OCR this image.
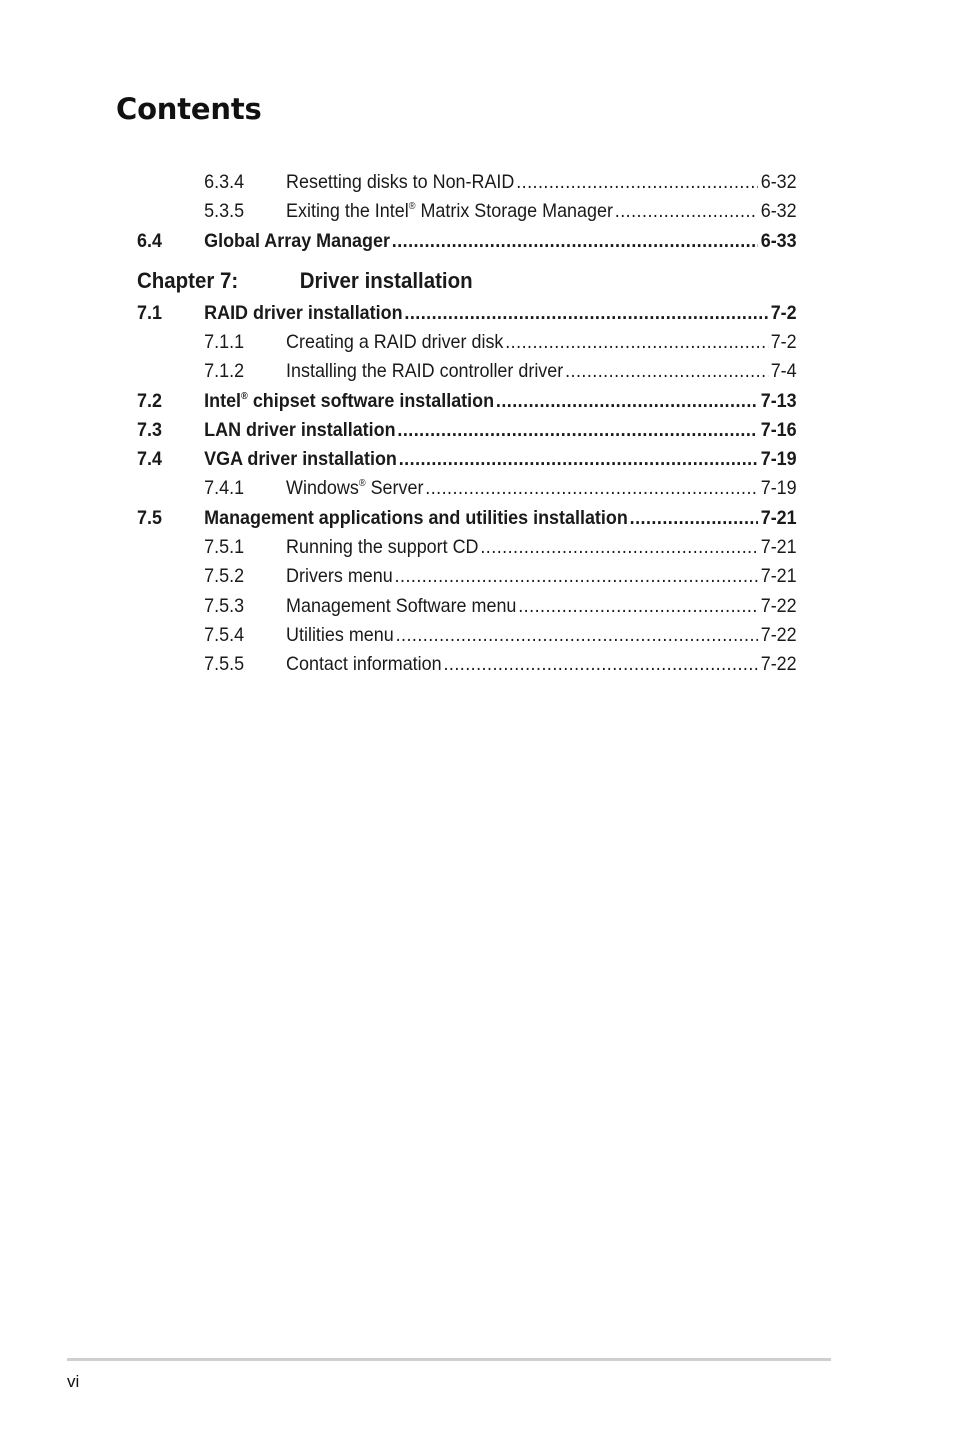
Contents
6.3.4 Resetting disks to Non-RAID .....	6-32
5.3.5 Exiting the Intel® Matrix Storage Manager .....	6-32
6.4 Global Array Manager .....	6-33
7.1 RAID driver installation .....	7-2
7.1.1 Creating a RAID driver disk .....	7-2
7.1.2 Installing the RAID controller driver .....	7-4
7.2 Intel® chipset software installation .....	7-13
7.3 LAN driver installation .....	7-16
7.4 VGA driver installation .....	7-19
7.4.1 Windows® Server .....	7-19
7.5 Management applications and utilities installation .....	7-21
7.5.1 Running the support CD .....	7-21
7.5.2 Drivers menu .....	7-21
7.5.3 Management Software menu .....	7-22
7.5.4 Utilities menu .....	7-22
7.5.5 Contact information .....	7-22
Chapter 7:	Driver installation
vi
